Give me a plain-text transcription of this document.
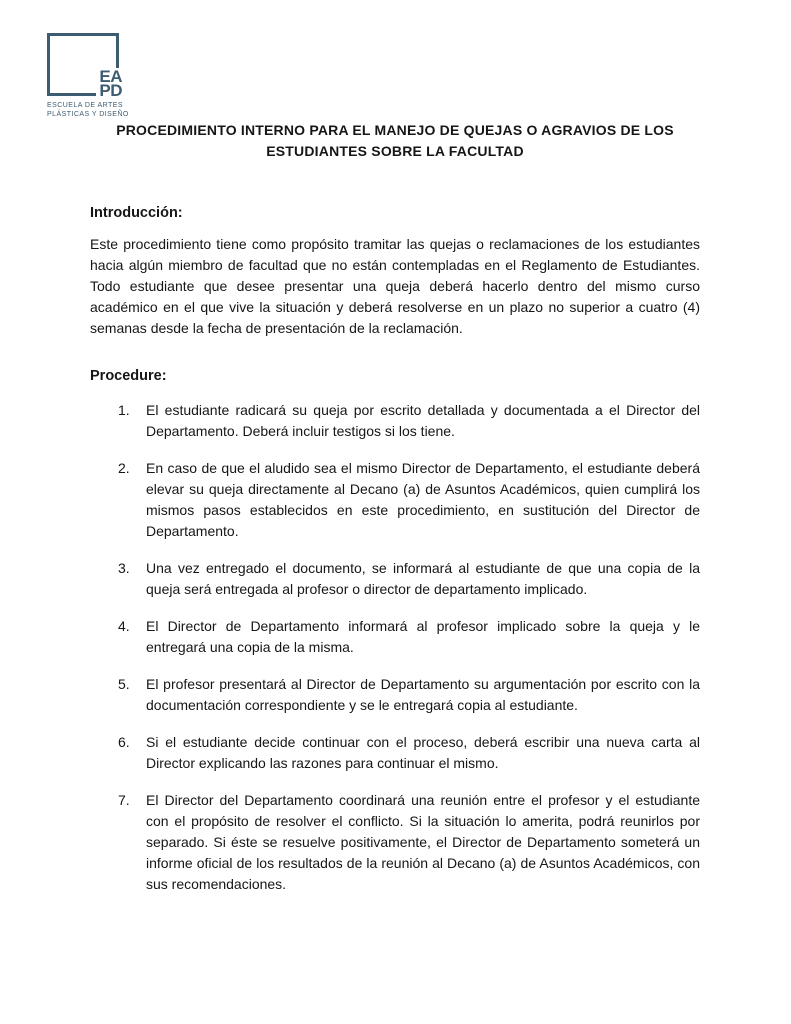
EA
PD
ESCUELA DE ARTES
PLÁSTICAS Y DISEÑO
PROCEDIMIENTO INTERNO PARA EL MANEJO DE QUEJAS O AGRAVIOS DE LOS ESTUDIANTES SOBRE LA FACULTAD
Introducción:

Este procedimiento tiene como propósito tramitar las quejas o reclamaciones de los estudiantes hacia algún miembro de facultad que no están contempladas en el Reglamento de Estudiantes. Todo estudiante que desee presentar una queja deberá hacerlo dentro del mismo curso académico en el que vive la situación y deberá resolverse en un plazo no superior a cuatro (4) semanas desde la fecha de presentación de la reclamación.

Procedure:
1. El estudiante radicará su queja por escrito detallada y documentada a el Director del Departamento. Deberá incluir testigos si los tiene.
2. En caso de que el aludido sea el mismo Director de Departamento, el estudiante deberá elevar su queja directamente al Decano (a) de Asuntos Académicos, quien cumplirá los mismos pasos establecidos en este procedimiento, en sustitución del Director de Departamento.
3. Una vez entregado el documento, se informará al estudiante de que una copia de la queja será entregada al profesor o director de departamento implicado.
4. El Director de Departamento informará al profesor implicado sobre la queja y le entregará una copia de la misma.
5. El profesor presentará al Director de Departamento su argumentación por escrito con la documentación correspondiente y se le entregará copia al estudiante.
6. Si el estudiante decide continuar con el proceso, deberá escribir una nueva carta al Director explicando las razones para continuar el mismo.
7. El Director del Departamento coordinará una reunión entre el profesor y el estudiante con el propósito de resolver el conflicto. Si la situación lo amerita, podrá reunirlos por separado. Si éste se resuelve positivamente, el Director de Departamento someterá un informe oficial de los resultados de la reunión al Decano (a) de Asuntos Académicos, con sus recomendaciones.
